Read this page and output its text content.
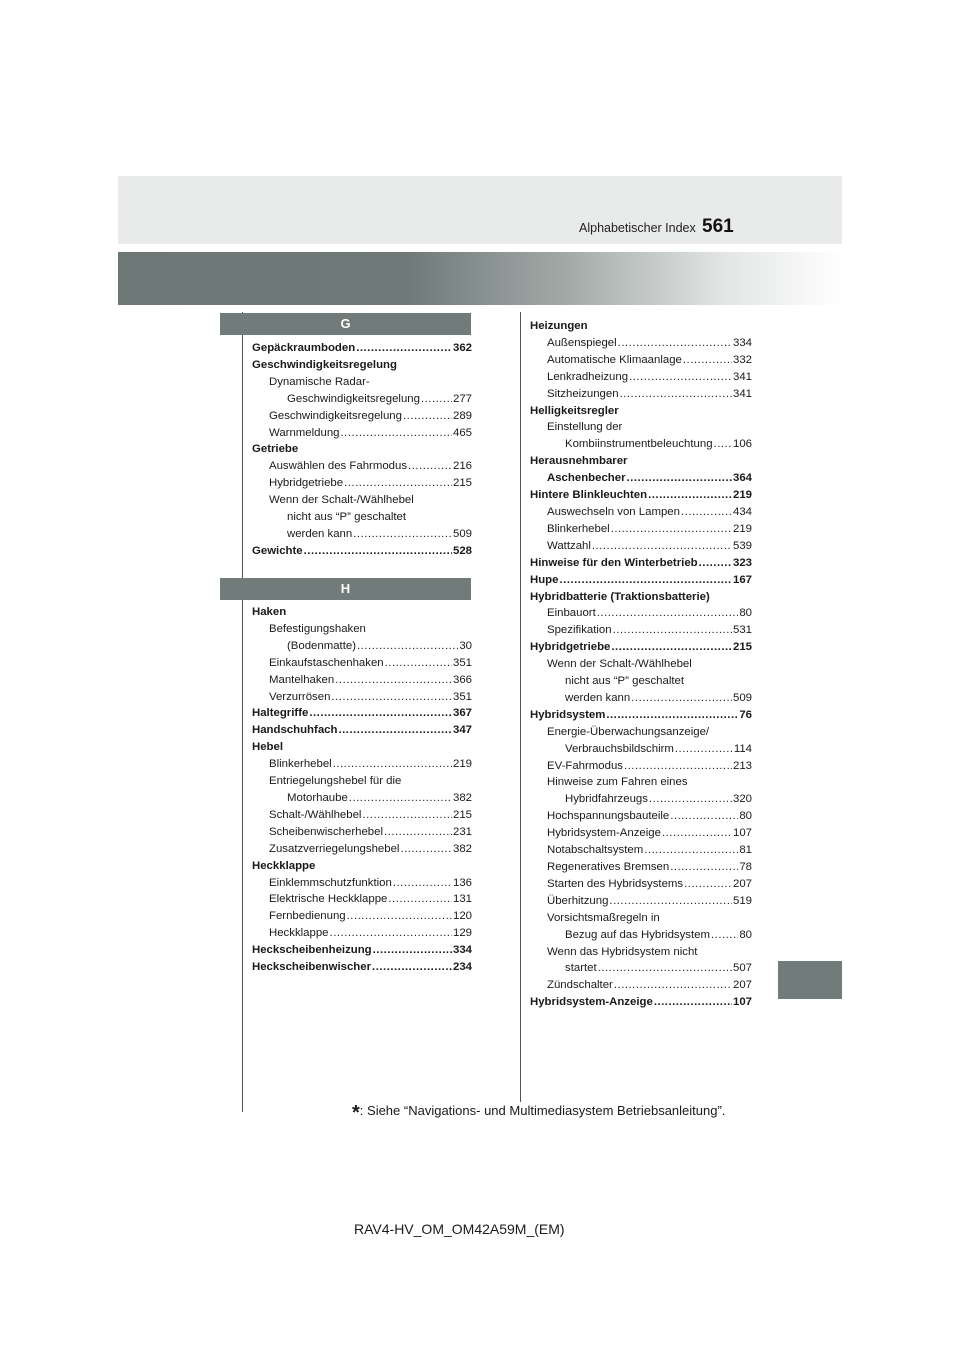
Alphabetischer Index 561
G
Gepäckraumboden .....	362
Geschwindigkeitsregelung
Dynamische Radar-
Geschwindigkeitsregelung .....	277
Geschwindigkeitsregelung .....	289
Warnmeldung .....	465
Getriebe
Auswählen des Fahrmodus .....	216
Hybridgetriebe .....	215
Wenn der Schalt-/Wählhebel
nicht aus “P” geschaltet
werden kann .....	509
Gewichte .....	528
H
Haken
Befestigungshaken
(Bodenmatte) .....	30
Einkaufstaschenhaken .....	351
Mantelhaken .....	366
Verzurrösen .....	351
Haltegriffe .....	367
Handschuhfach .....	347
Hebel
Blinkerhebel .....	219
Entriegelungshebel für die
Motorhaube .....	382
Schalt-/Wählhebel .....	215
Scheibenwischerhebel .....	231
Zusatzverriegelungshebel .....	382
Heckklappe
Einklemmschutzfunktion .....	136
Elektrische Heckklappe .....	131
Fernbedienung .....	120
Heckklappe .....	129
Heckscheibenheizung .....	334
Heckscheibenwischer .....	234
Heizungen
Außenspiegel .....	334
Automatische Klimaanlage .....	332
Lenkradheizung .....	341
Sitzheizungen .....	341
Helligkeitsregler
Einstellung der
Kombiinstrumentbeleuchtung ..... 106
Herausnehmbarer
Aschenbecher .....	364
Hintere Blinkleuchten .....	219
Auswechseln von Lampen .....	434
Blinkerhebel .....	219
Wattzahl .....	539
Hinweise für den Winterbetrieb .....	323
Hupe .....	167
Hybridbatterie (Traktionsbatterie)
Einbauort .....	80
Spezifikation .....	531
Hybridgetriebe .....	215
Wenn der Schalt-/Wählhebel
nicht aus “P” geschaltet
werden kann .....	509
Hybridsystem .....	76
Energie-Überwachungsanzeige/
Verbrauchsbildschirm .....	114
EV-Fahrmodus .....	213
Hinweise zum Fahren eines
Hybridfahrzeugs .....	320
Hochspannungsbauteile .....	80
Hybridsystem-Anzeige .....	107
Notabschaltsystem .....	81
Regeneratives Bremsen .....	78
Starten des Hybridsystems .....	207
Überhitzung .....	519
Vorsichtsmaßregeln in
Bezug auf das Hybridsystem .....	80
Wenn das Hybridsystem nicht
startet .....	507
Zündschalter .....	207
Hybridsystem-Anzeige .....	107
*: Siehe “Navigations- und Multimediasystem Betriebsanleitung”.
RAV4-HV_OM_OM42A59M_(EM)
